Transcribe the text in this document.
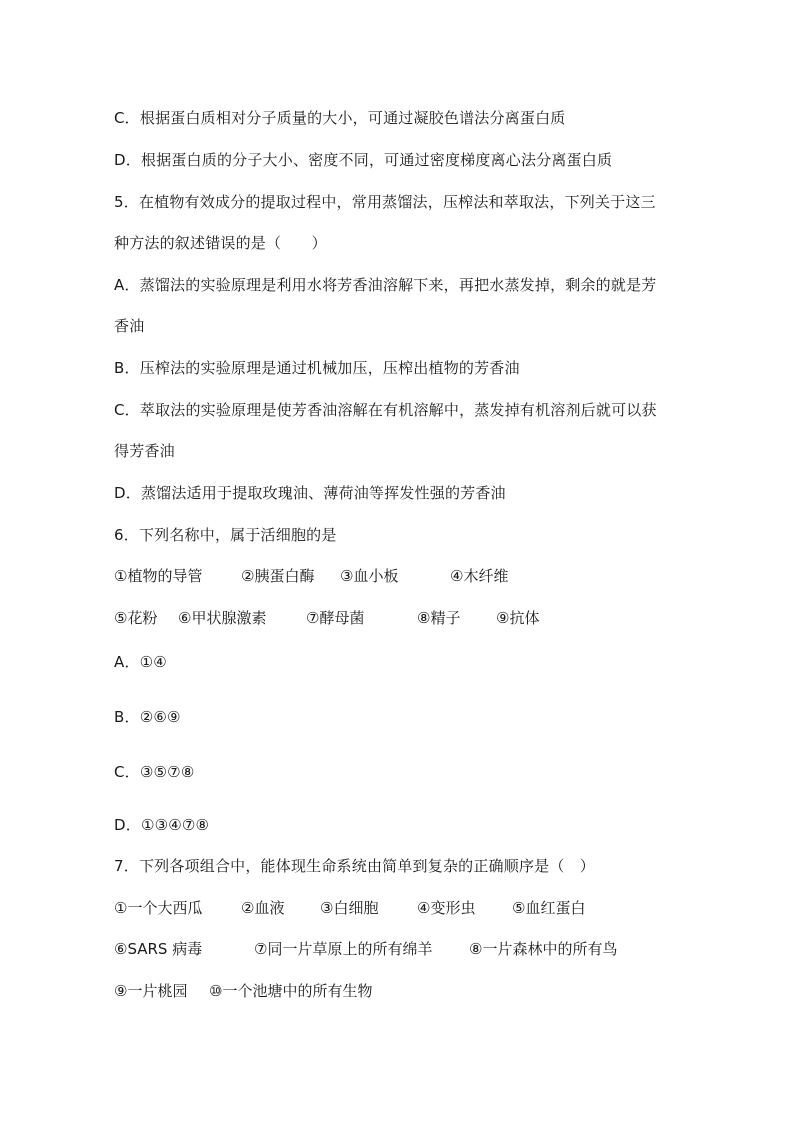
C．根据蛋白质相对分子质量的大小，可通过凝胶色谱法分离蛋白质
D．根据蛋白质的分子大小、密度不同，可通过密度梯度离心法分离蛋白质
5．在植物有效成分的提取过程中，常用蒸馏法，压榨法和萃取法，下列关于这三
种方法的叙述错误的是（　　）
A．蒸馏法的实验原理是利用水将芳香油溶解下来，再把水蒸发掉，剩余的就是芳
香油
B．压榨法的实验原理是通过机械加压，压榨出植物的芳香油
C．萃取法的实验原理是使芳香油溶解在有机溶解中，蒸发掉有机溶剂后就可以获
得芳香油
D．蒸馏法适用于提取玫瑰油、薄荷油等挥发性强的芳香油
6．下列名称中，属于活细胞的是
①植物的导管	②胰蛋白酶 ③血小板	④木纤维
⑤花粉 ⑥甲状腺激素	⑦酵母菌	⑧精子 ⑨抗体
A．①④
B．②⑥⑨
C．③⑤⑦⑧
D．①③④⑦⑧
7．下列各项组合中，能体现生命系统由简单到复杂的正确顺序是（　）
①一个大西瓜	②血液 ③白细胞	④变形虫 ⑤血红蛋白
⑥SARS 病毒	⑦同一片草原上的所有绵羊 ⑧一片森林中的所有鸟
⑨一片桃园 ⑩一个池塘中的所有生物
